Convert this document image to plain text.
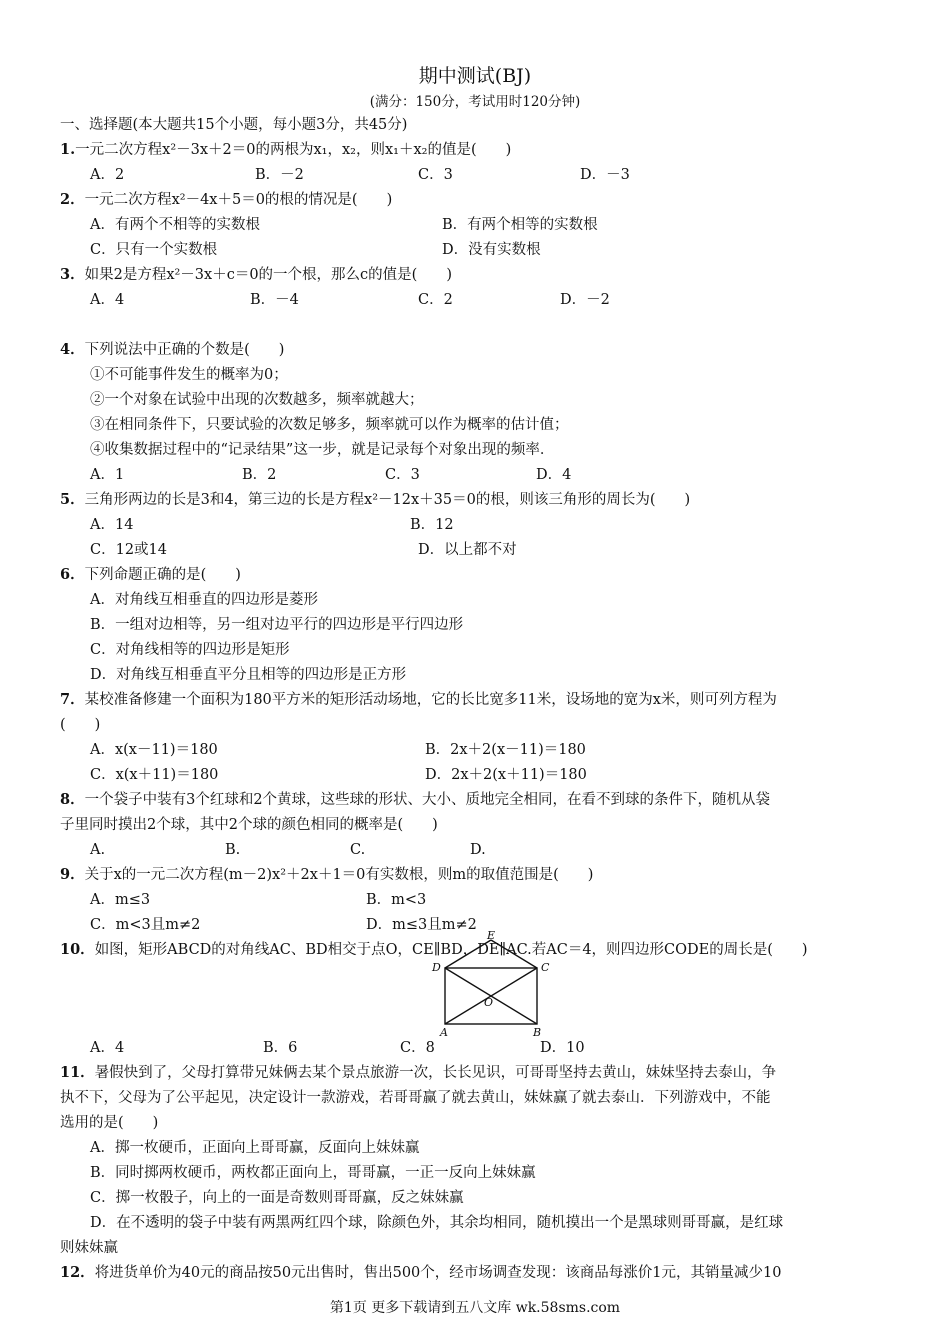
期中测试(BJ)
(满分：150分，考试用时120分钟)
一、选择题(本大题共15个小题，每小题3分，共45分)
1.一元二次方程x²－3x＋2＝0的两根为x₁，x₂，则x₁＋x₂的值是(　　)
A．2	B．－2	C．3	D．－3
2．一元二次方程x²－4x＋5＝0的根的情况是(　　)
A．有两个不相等的实数根	B．有两个相等的实数根
C．只有一个实数根	D．没有实数根
3．如果2是方程x²－3x＋c＝0的一个根，那么c的值是(　　)
A．4	B．－4	C．2	D．－2
4．下列说法中正确的个数是(　　)
①不可能事件发生的概率为0；
②一个对象在试验中出现的次数越多，频率就越大；
③在相同条件下，只要试验的次数足够多，频率就可以作为概率的估计值；
④收集数据过程中的“记录结果”这一步，就是记录每个对象出现的频率．
A．1	B．2	C．3	D．4
5．三角形两边的长是3和4，第三边的长是方程x²－12x＋35＝0的根，则该三角形的周长为(　　)
A．14	B．12
C．12或14	D．以上都不对
6．下列命题正确的是(　　)
A．对角线互相垂直的四边形是菱形
B．一组对边相等，另一组对边平行的四边形是平行四边形
C．对角线相等的四边形是矩形
D．对角线互相垂直平分且相等的四边形是正方形
7．某校准备修建一个面积为180平方米的矩形活动场地，它的长比宽多11米，设场地的宽为x米，则可列方程为
(　　)
A．x(x－11)＝180	B．2x＋2(x－11)＝180
C．x(x＋11)＝180	D．2x＋2(x＋11)＝180
8．一个袋子中装有3个红球和2个黄球，这些球的形状、大小、质地完全相同，在看不到球的条件下，随机从袋
子里同时摸出2个球，其中2个球的颜色相同的概率是(　　)
A.	B.	C.	D.
9．关于x的一元二次方程(m－2)x²＋2x＋1＝0有实数根，则m的取值范围是(　　)
A．m≤3	B．m<3
C．m<3且m≠2	D．m≤3且m≠2
10．如图，矩形ABCD的对角线AC、BD相交于点O，CE∥BD，DE∥AC.若AC＝4，则四边形CODE的周长是(　　)
E
D	C
O
A	B
A．4	B．6	C．8	D．10
11．暑假快到了，父母打算带兄妹俩去某个景点旅游一次，长长见识，可哥哥坚持去黄山，妹妹坚持去泰山，争
执不下，父母为了公平起见，决定设计一款游戏，若哥哥赢了就去黄山，妹妹赢了就去泰山．下列游戏中，不能
选用的是(　　)
A．掷一枚硬币，正面向上哥哥赢，反面向上妹妹赢
B．同时掷两枚硬币，两枚都正面向上，哥哥赢，一正一反向上妹妹赢
C．掷一枚骰子，向上的一面是奇数则哥哥赢，反之妹妹赢
D．在不透明的袋子中装有两黑两红四个球，除颜色外，其余均相同，随机摸出一个是黑球则哥哥赢，是红球
则妹妹赢
12．将进货单价为40元的商品按50元出售时，售出500个，经市场调查发现：该商品每涨价1元，其销量减少10
第1页 更多下载请到五八文库 wk.58sms.com
